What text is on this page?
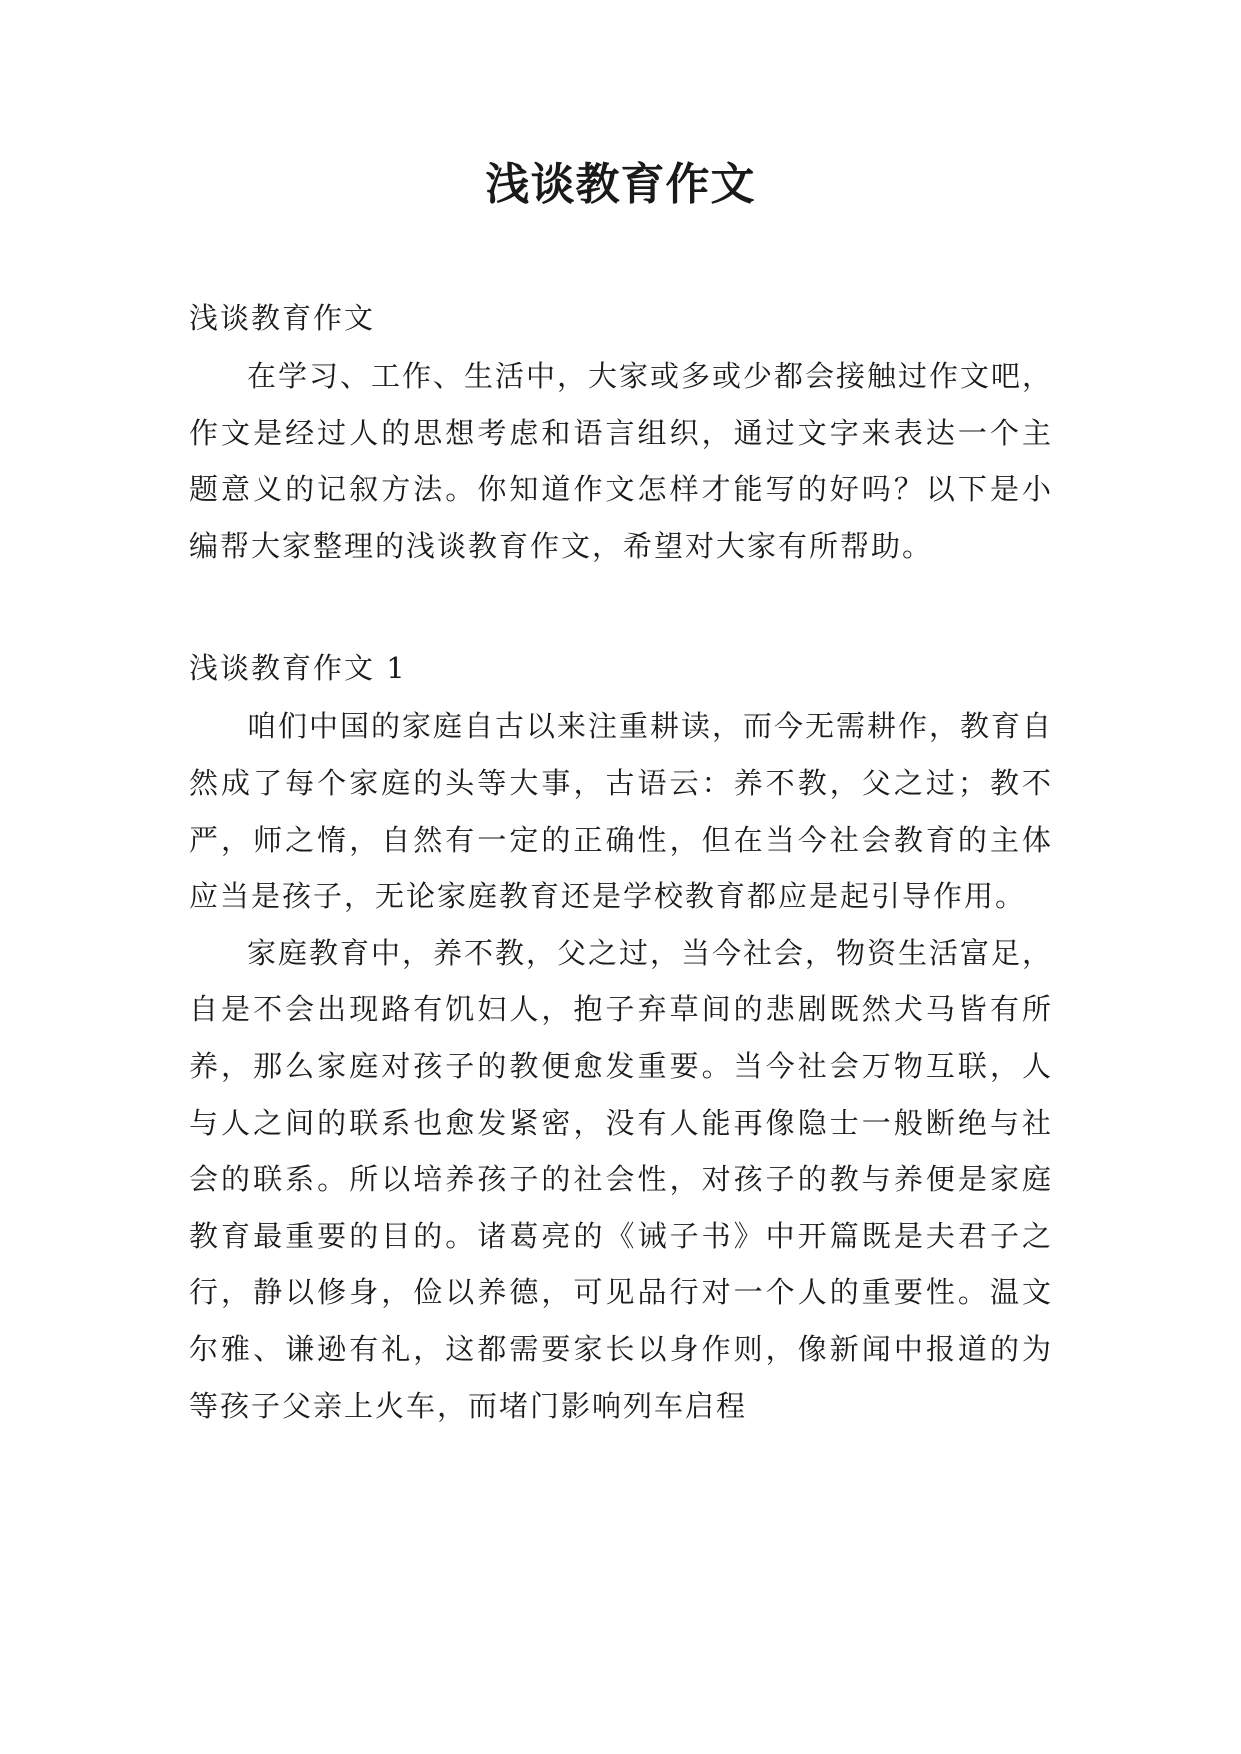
浅谈教育作文

浅谈教育作文

在学习、工作、生活中，大家或多或少都会接触过作文吧，作文是经过人的思想考虑和语言组织，通过文字来表达一个主题意义的记叙方法。你知道作文怎样才能写的好吗？以下是小编帮大家整理的浅谈教育作文，希望对大家有所帮助。

浅谈教育作文 1

咱们中国的家庭自古以来注重耕读，而今无需耕作，教育自然成了每个家庭的头等大事，古语云：养不教，父之过；教不严，师之惰，自然有一定的正确性，但在当今社会教育的主体应当是孩子，无论家庭教育还是学校教育都应是起引导作用。

家庭教育中，养不教，父之过，当今社会，物资生活富足，自是不会出现路有饥妇人，抱子弃草间的悲剧既然犬马皆有所养，那么家庭对孩子的教便愈发重要。当今社会万物互联，人与人之间的联系也愈发紧密，没有人能再像隐士一般断绝与社会的联系。所以培养孩子的社会性，对孩子的教与养便是家庭教育最重要的目的。诸葛亮的《诫子书》中开篇既是夫君子之行，静以修身，俭以养德，可见品行对一个人的重要性。温文尔雅、谦逊有礼，这都需要家长以身作则，像新闻中报道的为等孩子父亲上火车，而堵门影响列车启程
